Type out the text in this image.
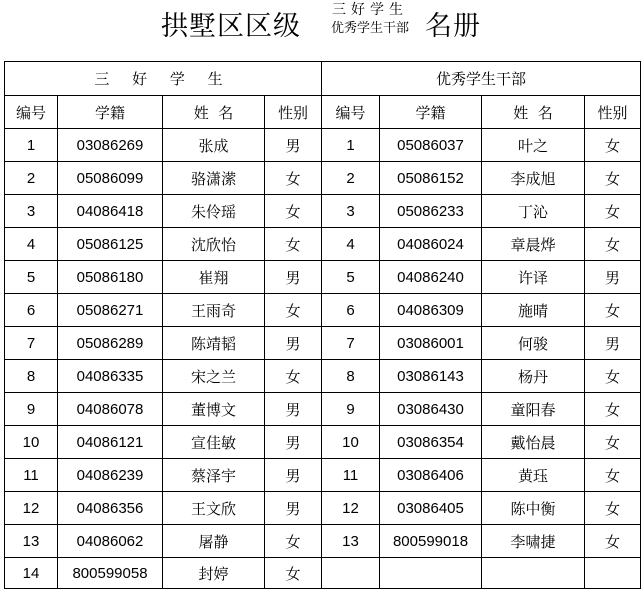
拱墅区区级
三好学生
优秀学生干部 名册
三 好 学 生				优秀学生干部			
编号	学籍	姓  名	性别	编号	学籍	姓  名	性别
1	03086269	张成	男	1	05086037	叶之	女
2	05086099	骆潇潆	女	2	05086152	李成旭	女
3	04086418	朱伶瑶	女	3	05086233	丁沁	女
4	05086125	沈欣怡	女	4	04086024	章晨烨	女
5	05086180	崔翔	男	5	04086240	许译	男
6	05086271	王雨奇	女	6	04086309	施晴	女
7	05086289	陈靖韬	男	7	03086001	何骏	男
8	04086335	宋之兰	女	8	03086143	杨丹	女
9	04086078	董博文	男	9	03086430	童阳春	女
10	04086121	宣佳敏	男	10	03086354	戴怡晨	女
11	04086239	蔡泽宇	男	11	03086406	黄珏	女
12	04086356	王文欣	男	12	03086405	陈中衡	女
13	04086062	屠静	女	13	800599018	李啸捷	女
14	800599058	封婷	女				
